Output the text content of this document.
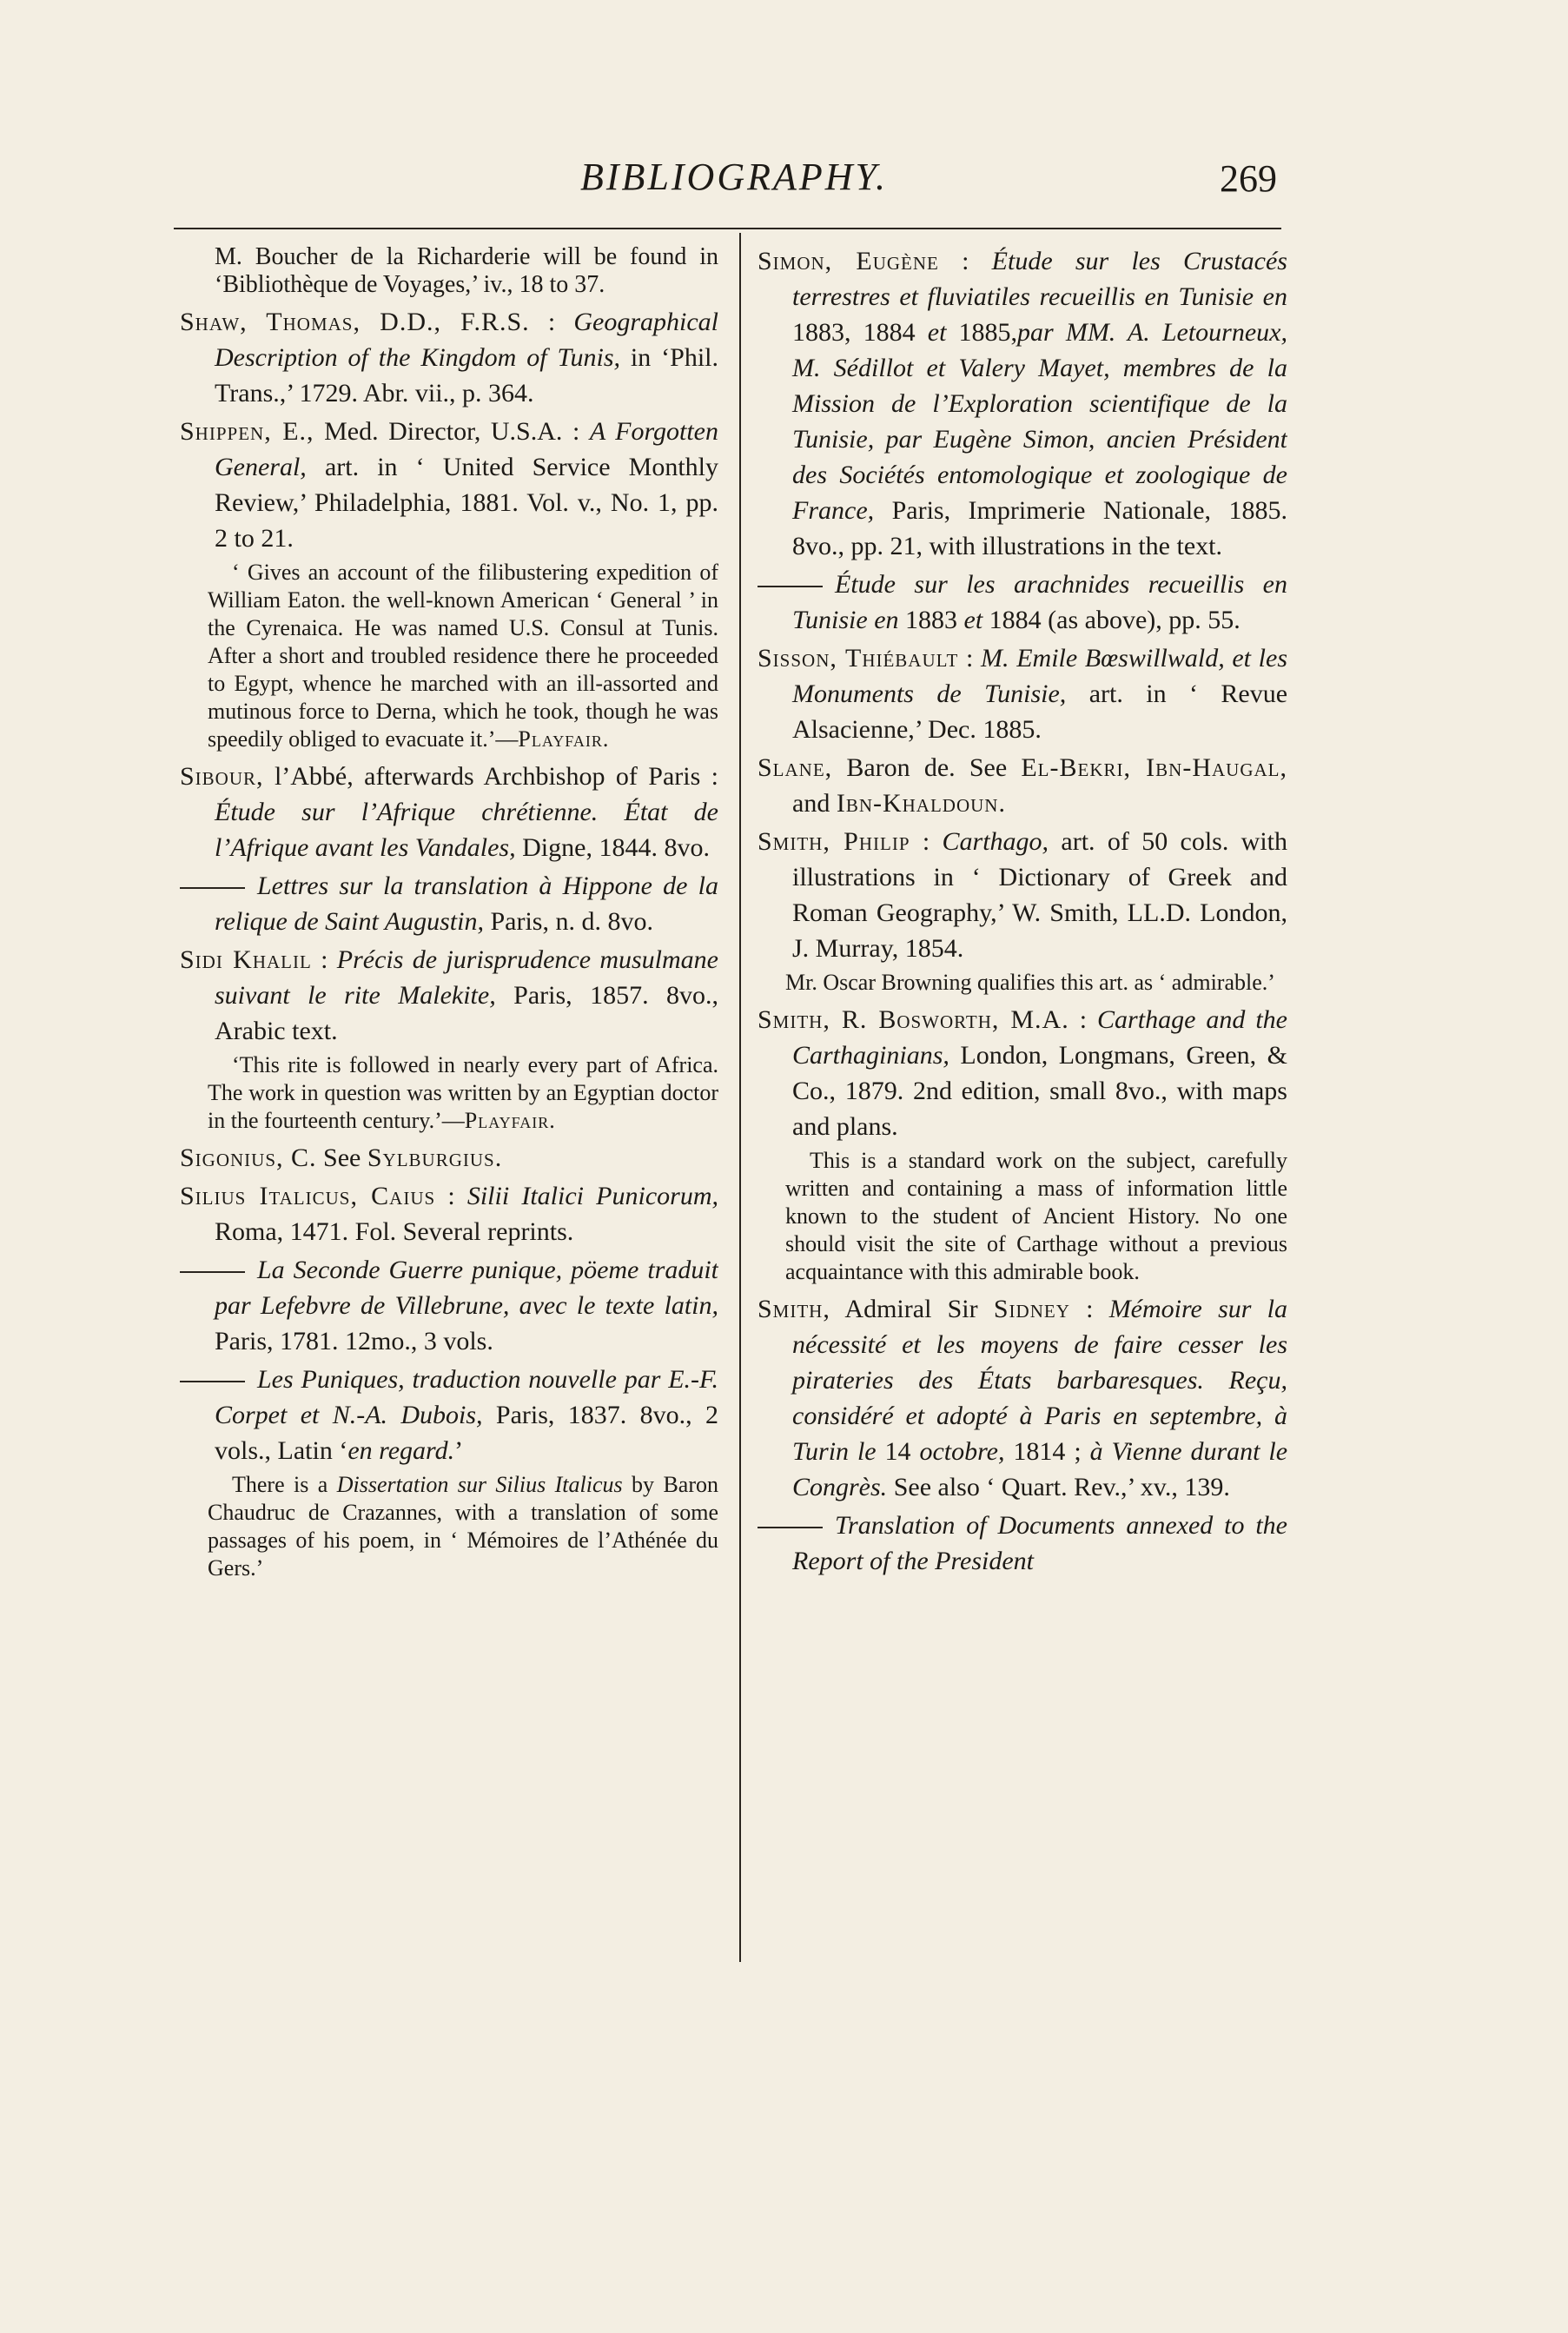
BIBLIOGRAPHY.	269
M. Boucher de la Richarderie will be found in ‘Bibliothèque de Voyages,’ iv., 18 to 37.
Shaw, Thomas, D.D., F.R.S. : Geographical Description of the Kingdom of Tunis, in ‘Phil. Trans.,’ 1729. Abr. vii., p. 364.
Shippen, E., Med. Director, U.S.A. : A Forgotten General, art. in ‘ United Service Monthly Review,’ Philadelphia, 1881. Vol. v., No. 1, pp. 2 to 21.
‘ Gives an account of the filibustering expedition of William Eaton. the well-known American ‘ General ’ in the Cyrenaica. He was named U.S. Consul at Tunis. After a short and troubled residence there he proceeded to Egypt, whence he marched with an ill-assorted and mutinous force to Derna, which he took, though he was speedily obliged to evacuate it.’—Playfair.
Sibour, l’Abbé, afterwards Archbishop of Paris : Étude sur l’Afrique chrétienne. État de l’Afrique avant les Vandales, Digne, 1844. 8vo.
Lettres sur la translation à Hippone de la relique de Saint Augustin, Paris, n. d. 8vo.
Sidi Khalil : Précis de jurisprudence musulmane suivant le rite Malekite, Paris, 1857. 8vo., Arabic text.
‘This rite is followed in nearly every part of Africa. The work in question was written by an Egyptian doctor in the fourteenth century.’—Playfair.
Sigonius, C. See Sylburgius.
Silius Italicus, Caius : Silii Italici Punicorum, Roma, 1471. Fol. Several reprints.
La Seconde Guerre punique, pöeme traduit par Lefebvre de Villebrune, avec le texte latin, Paris, 1781. 12mo., 3 vols.
Les Puniques, traduction nouvelle par E.-F. Corpet et N.-A. Dubois, Paris, 1837. 8vo., 2 vols., Latin ‘en regard.’
There is a Dissertation sur Silius Italicus by Baron Chaudruc de Crazannes, with a translation of some passages of his poem, in ‘ Mémoires de l’Athénée du Gers.’
Simon, Eugène : Étude sur les Crustacés terrestres et fluviatiles recueillis en Tunisie en 1883, 1884 et 1885,par MM. A. Letourneux, M. Sédillot et Valery Mayet, membres de la Mission de l’Exploration scientifique de la Tunisie, par Eugène Simon, ancien Président des Sociétés entomologique et zoologique de France, Paris, Imprimerie Nationale, 1885. 8vo., pp. 21, with illustrations in the text.
Étude sur les arachnides recueillis en Tunisie en 1883 et 1884 (as above), pp. 55.
Sisson, Thiébault : M. Emile Bœswillwald, et les Monuments de Tunisie, art. in ‘ Revue Alsacienne,’ Dec. 1885.
Slane, Baron de. See El-Bekri, Ibn-Haugal, and Ibn-Khaldoun.
Smith, Philip : Carthago, art. of 50 cols. with illustrations in ‘ Dictionary of Greek and Roman Geography,’ W. Smith, LL.D. London, J. Murray, 1854.
Mr. Oscar Browning qualifies this art. as ‘ admirable.’
Smith, R. Bosworth, M.A. : Carthage and the Carthaginians, London, Longmans, Green, & Co., 1879. 2nd edition, small 8vo., with maps and plans.
This is a standard work on the subject, carefully written and containing a mass of information little known to the student of Ancient History. No one should visit the site of Carthage without a previous acquaintance with this admirable book.
Smith, Admiral Sir Sidney : Mémoire sur la nécessité et les moyens de faire cesser les pirateries des États barbaresques. Reçu, considéré et adopté à Paris en septembre, à Turin le 14 octobre, 1814 ; à Vienne durant le Congrès. See also ‘ Quart. Rev.,’ xv., 139.
Translation of Documents annexed to the Report of the President
